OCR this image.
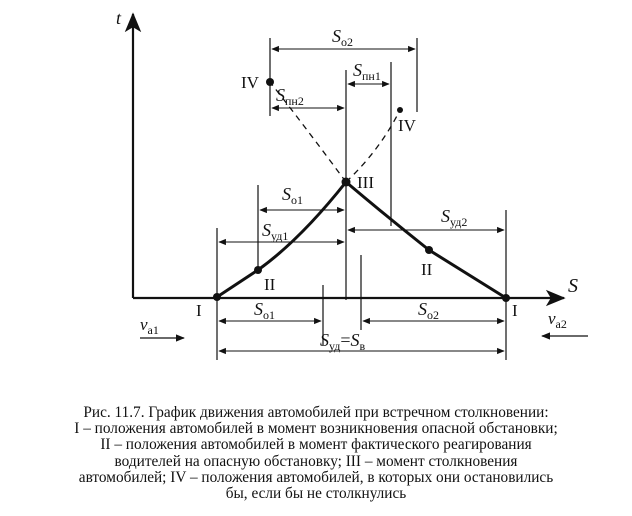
t
S
$v_{a1}$
$v_{a2}$
I	I
II
II
III
IV
IV
$S_{о2}$
$S_{пн1}$
$S_{пн2}$
$S_{о1}$
$S_{уд1}$
$S_{уд2}$
$S_{о1}$	$S_{о2}$
$S_{уд}=S_в$
Рис. 11.7. График движения автомобилей при встречном столкновении:
I – положения автомобилей в момент возникновения опасной обстановки;
II – положения автомобилей в момент фактического реагирования
водителей на опасную обстановку; III – момент столкновения
автомобилей; IV – положения автомобилей, в которых они остановились
бы, если бы не столкнулись
